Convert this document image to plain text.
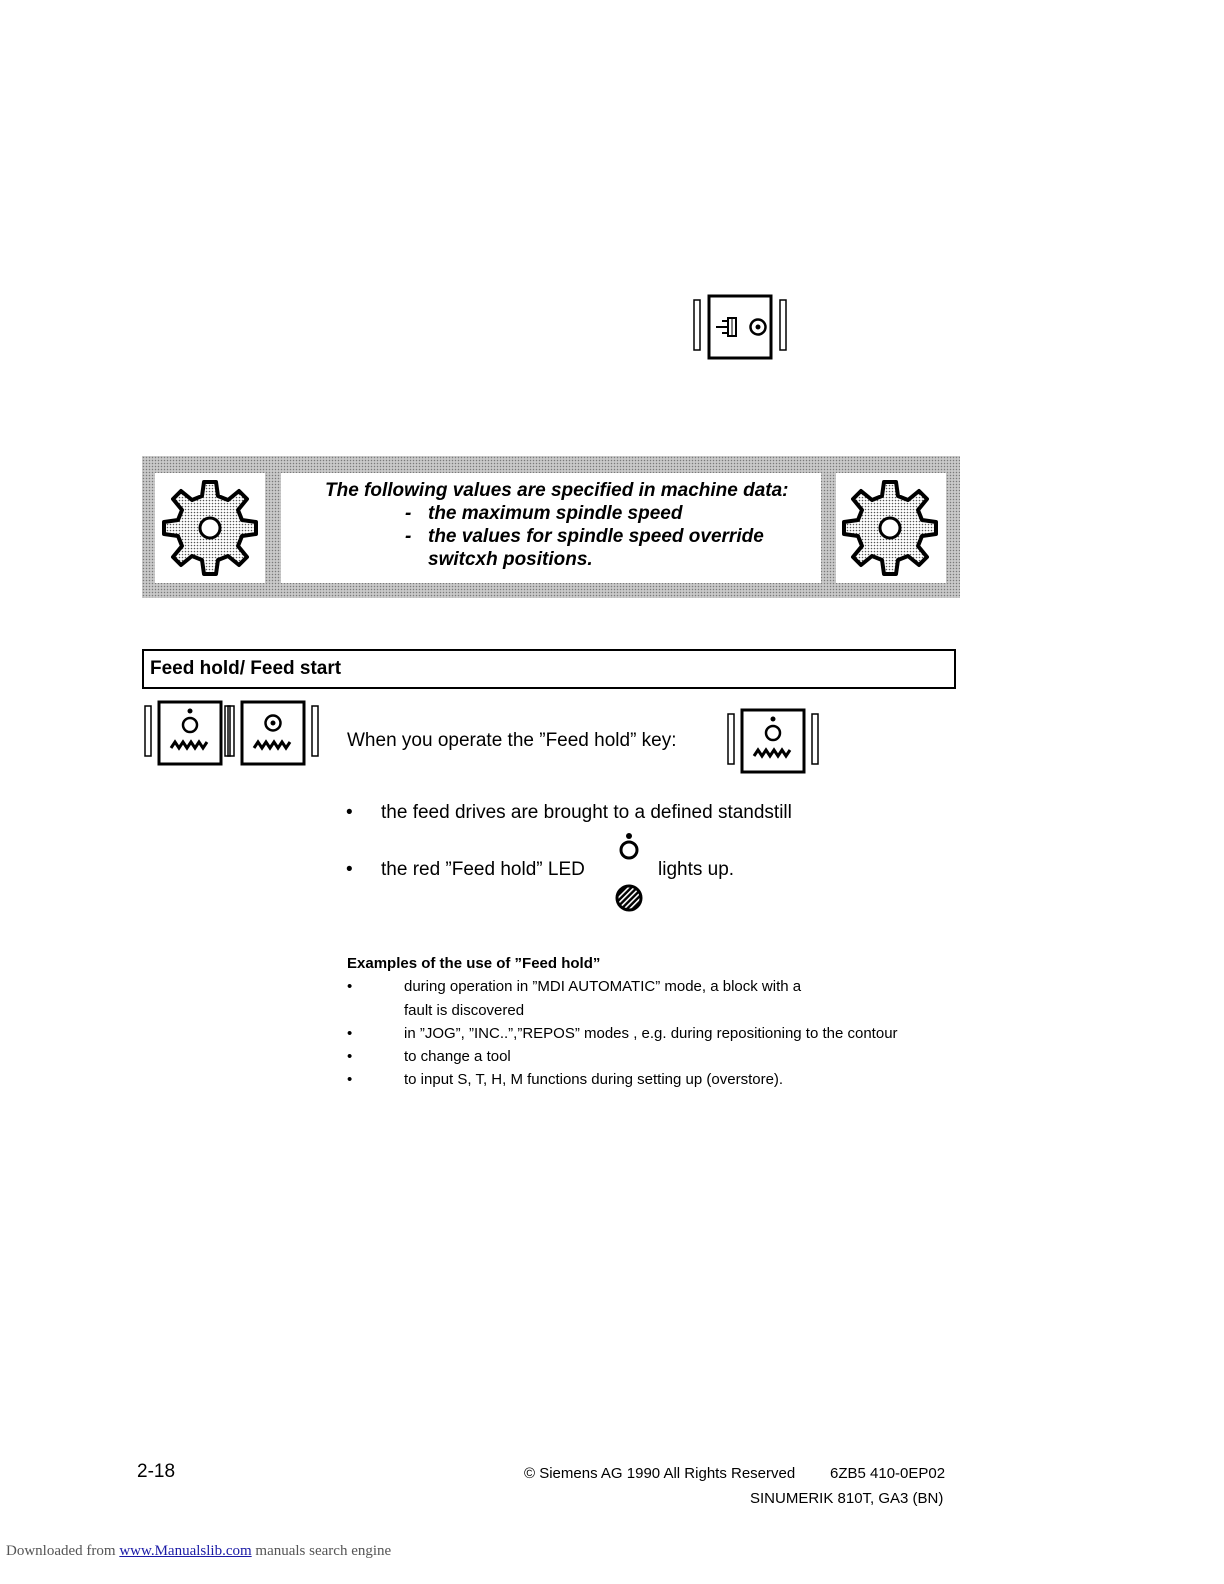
The following values are specified in machine data:
- the maximum spindle speed
- the values for spindle speed override
switcxh positions.
Feed hold/ Feed start
When you operate the ”Feed hold” key:
• the feed drives are brought to a defined standstill
• the red ”Feed hold” LED	lights up.
Examples of the use of ”Feed hold”
•	during operation in ”MDI AUTOMATIC” mode, a block with a
fault is discovered
•	in ”JOG”, ”INC..”,”REPOS” modes , e.g. during repositioning to the contour
•	to change a tool
•	to input S, T, H, M functions during setting up (overstore).
2-18	© Siemens AG 1990 All Rights Reserved 6ZB5 410-0EP02
SINUMERIK 810T, GA3 (BN)
Downloaded from www.Manualslib.com manuals search engine
